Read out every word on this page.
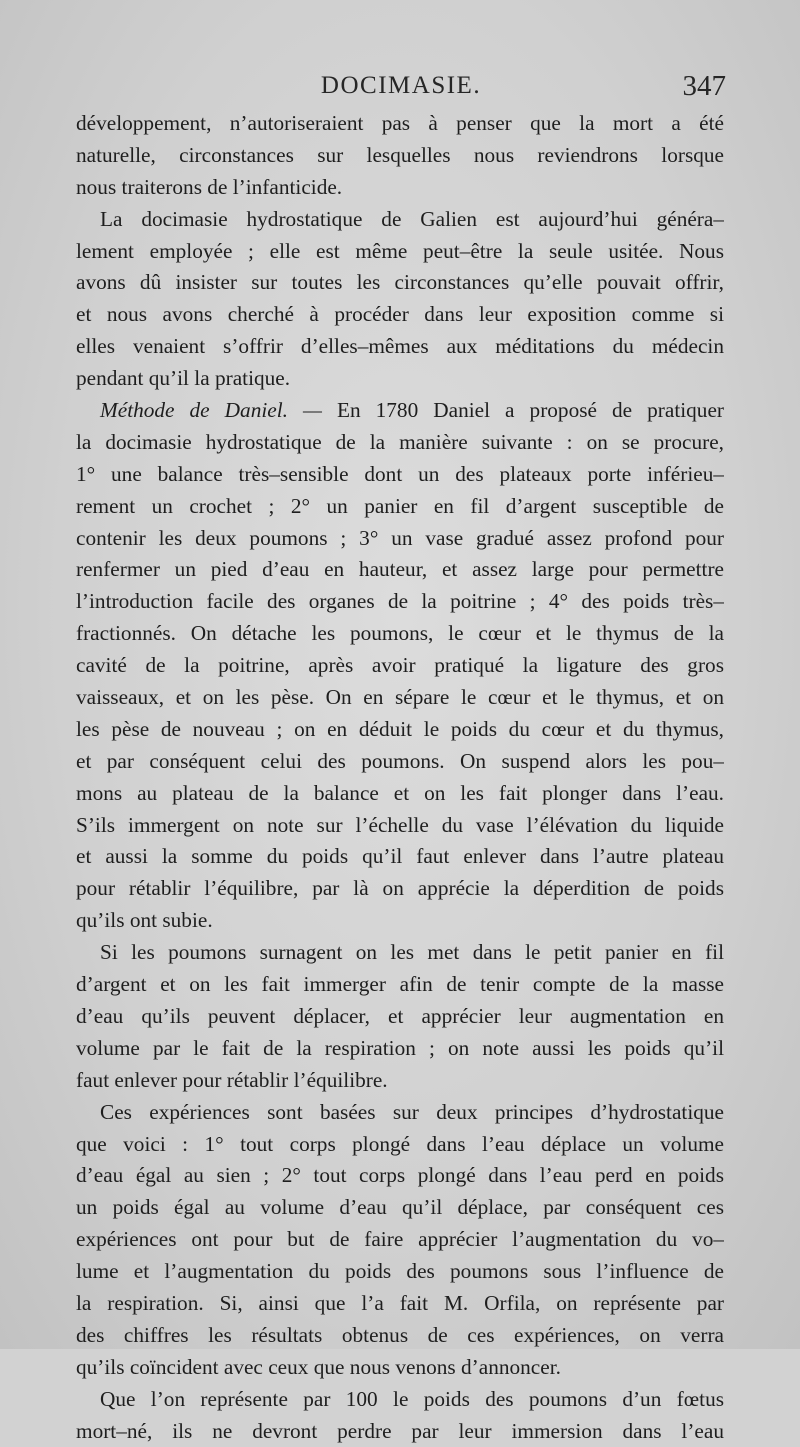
DOCIMASIE.	347
développement, n’autoriseraient pas à penser que la mort a été
naturelle, circonstances sur lesquelles nous reviendrons lorsque
nous traiterons de l’infanticide.
La docimasie hydrostatique de Galien est aujourd’hui généra–
lement employée ; elle est même peut–être la seule usitée. Nous
avons dû insister sur toutes les circonstances qu’elle pouvait offrir,
et nous avons cherché à procéder dans leur exposition comme si
elles venaient s’offrir d’elles–mêmes aux méditations du médecin
pendant qu’il la pratique.
Méthode de Daniel. — En 1780 Daniel a proposé de pratiquer
la docimasie hydrostatique de la manière suivante : on se procure,
1° une balance très–sensible dont un des plateaux porte inférieu–
rement un crochet ; 2° un panier en fil d’argent susceptible de
contenir les deux poumons ; 3° un vase gradué assez profond pour
renfermer un pied d’eau en hauteur, et assez large pour permettre
l’introduction facile des organes de la poitrine ; 4° des poids très–
fractionnés. On détache les poumons, le cœur et le thymus de la
cavité de la poitrine, après avoir pratiqué la ligature des gros
vaisseaux, et on les pèse. On en sépare le cœur et le thymus, et on
les pèse de nouveau ; on en déduit le poids du cœur et du thymus,
et par conséquent celui des poumons. On suspend alors les pou–
mons au plateau de la balance et on les fait plonger dans l’eau.
S’ils immergent on note sur l’échelle du vase l’élévation du liquide
et aussi la somme du poids qu’il faut enlever dans l’autre plateau
pour rétablir l’équilibre, par là on apprécie la déperdition de poids
qu’ils ont subie.
Si les poumons surnagent on les met dans le petit panier en fil
d’argent et on les fait immerger afin de tenir compte de la masse
d’eau qu’ils peuvent déplacer, et apprécier leur augmentation en
volume par le fait de la respiration ; on note aussi les poids qu’il
faut enlever pour rétablir l’équilibre.
Ces expériences sont basées sur deux principes d’hydrostatique
que voici : 1° tout corps plongé dans l’eau déplace un volume
d’eau égal au sien ; 2° tout corps plongé dans l’eau perd en poids
un poids égal au volume d’eau qu’il déplace, par conséquent ces
expériences ont pour but de faire apprécier l’augmentation du vo–
lume et l’augmentation du poids des poumons sous l’influence de
la respiration. Si, ainsi que l’a fait M. Orfila, on représente par
des chiffres les résultats obtenus de ces expériences, on verra
qu’ils coïncident avec ceux que nous venons d’annoncer.
Que l’on représente par 100 le poids des poumons d’un fœtus
mort–né, ils ne devront perdre par leur immersion dans l’eau
